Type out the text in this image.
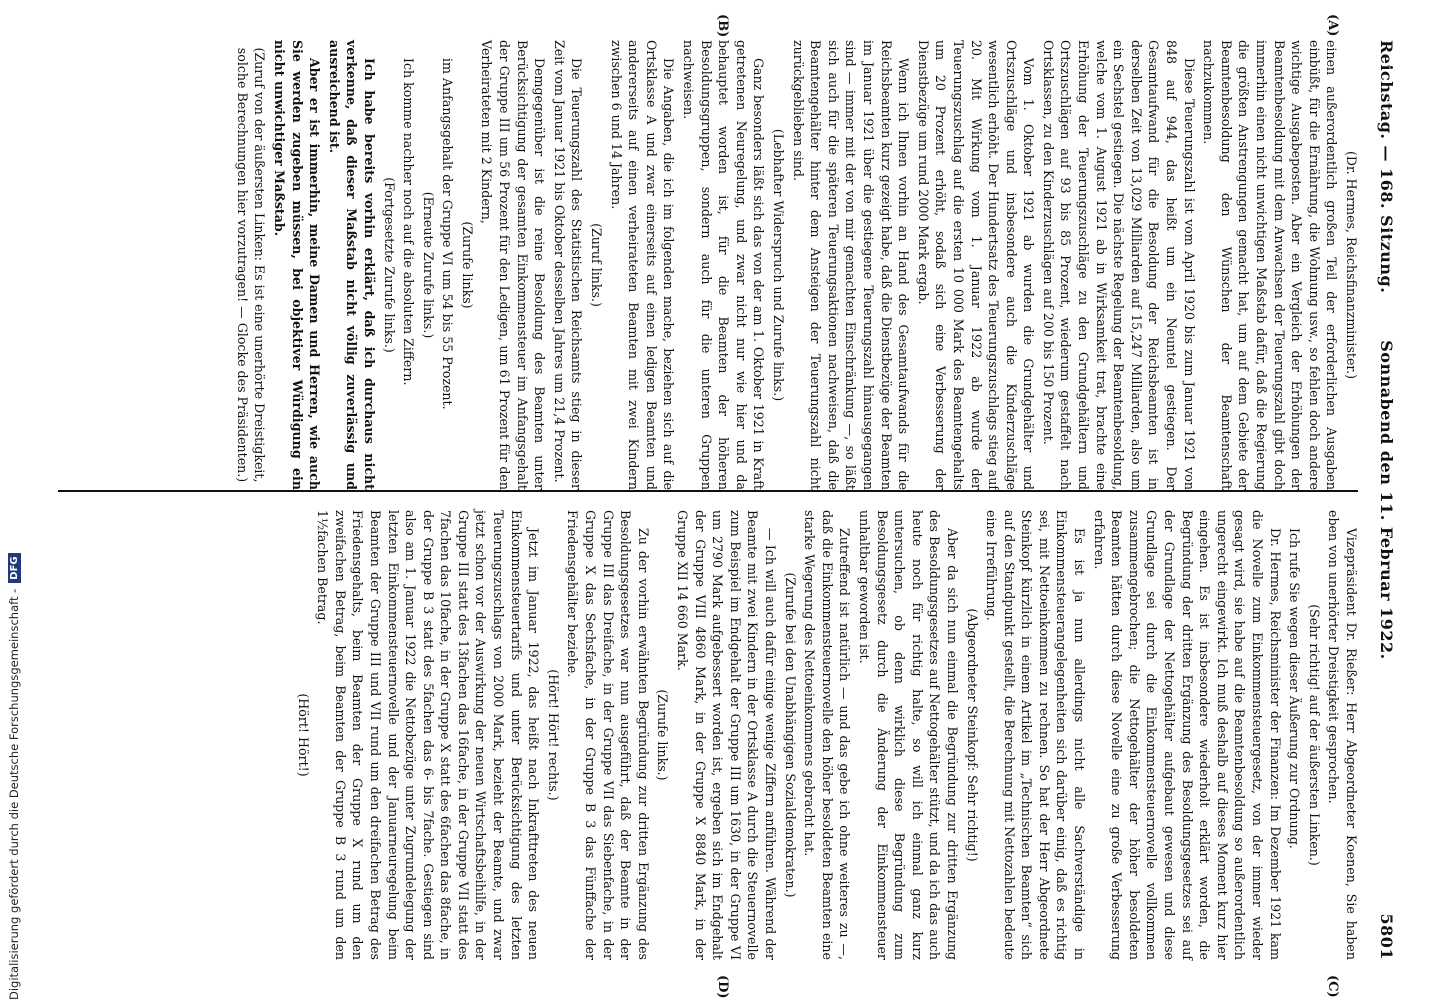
Reichstag. — 168. Sitzung.
Sonnabend den 11. Februar 1922.
5801
(A)
(B)
(C)
(D)

(Dr. Hermes, Reichsfinanzminister.)

einen außerordentlich großen Teil der erforderlichen Ausgaben einbüßt, für die Ernährung, die Wohnung usw., so fehlen doch andere wichtige Ausgabeposten. Aber ein Vergleich der Erhöhungen der Beamtenbesoldung mit dem Anwachsen der Teuerungszahl gibt doch immerhin einen nicht unwichtigen Maßstab dafür, daß die Regierung die größten Anstrengungen gemacht hat, um auf dem Gebiete der Beamtenbesoldung den Wünschen der Beamtenschaft nachzukommen.

Diese Teuerungszahl ist vom April 1920 bis zum Januar 1921 von 848 auf 944, das heißt um ein Neuntel gestiegen. Der Gesamtaufwand für die Besoldung der Reichsbeamten ist in derselben Zeit von 13,029 Milliarden auf 15,247 Milliarden, also um ein Sechstel gestiegen. Die nächste Regelung der Beamtenbesoldung, welche vom 1. August 1921 ab in Wirksamkeit trat, brachte eine Erhöhung der Teuerungszuschläge zu den Grundgehältern und Ortszuschlägen auf 93 bis 85 Prozent, wiederum gestaffelt nach Ortsklassen, zu den Kinderzuschlägen auf 200 bis 150 Prozent.

Vom 1. Oktober 1921 ab wurden die Grundgehälter und Ortszuschläge und insbesondere auch die Kinderzuschläge wesentlich erhöht. Der Hundertsatz des Teuerungszuschlags stieg auf 20. Mit Wirkung vom 1. Januar 1922 ab wurde der Teuerungszuschlag auf die ersten 10 000 Mark des Beamtengehalts um 20 Prozent erhöht, sodaß sich eine Verbesserung der Dienstbezüge um rund 2000 Mark ergab.

Wenn ich Ihnen vorhin an Hand des Gesamtaufwands für die Reichsbeamten kurz gezeigt habe, daß die Dienstbezüge der Beamten im Januar 1921 über die gestiegene Teuerungszahl hinausgegangen sind — immer mit der von mir gemachten Einschränkung —, so läßt sich auch für die späteren Teuerungsaktionen nachweisen, daß die Beamtengehälter hinter dem Ansteigen der Teuerungszahl nicht zurückgeblieben sind.

(Lebhafter Widerspruch und Zurufe links.)

Ganz besonders läßt sich das von der am 1. Oktober 1921 in Kraft getretenen Neuregelung, und zwar nicht nur wie hier und da behauptet worden ist, für die Beamten der höheren Besoldungsgruppen, sondern auch für die unteren Gruppen nachweisen.

Die Angaben, die ich im folgenden mache, beziehen sich auf die Ortsklasse A und zwar einerseits auf einen ledigen Beamten und andererseits auf einen verheirateten Beamten mit zwei Kindern zwischen 6 und 14 Jahren.

(Zuruf links.)

Die Teuerungszahl des Statistischen Reichsamts stieg in dieser Zeit vom Januar 1921 bis Oktober desselben Jahres um 21,4 Prozent.

Demgegenüber ist die reine Besoldung des Beamten unter Berücksichtigung der gesamten Einkommensteuer im Anfangsgehalt der Gruppe III um 56 Prozent für den Ledigen, um 61 Prozent für den Verheirateten mit 2 Kindern,

(Zurufe links)

im Anfangsgehalt der Gruppe VI um 54 bis 55 Prozent.

(Erneute Zurufe links.)

Ich komme nachher noch auf die absoluten Ziffern.

(Fortgesetzte Zurufe links.)

Ich habe bereits vorhin erklärt, daß ich durchaus nicht verkenne, daß dieser Maßstab nicht völlig zuverlässig und ausreichend ist.

Aber er ist immerhin, meine Damen und Herren, wie auch Sie werden zugeben müssen, bei objektiver Würdigung ein nicht unwichtiger Maßstab.

(Zuruf von der äußersten Linken: Es ist eine unerhörte Dreistigkeit, solche Berechnungen hier vorzutragen! — Glocke des Präsidenten.)

Vizepräsident Dr. Rießer: Herr Abgeordneter Koenen, Sie haben eben von unerhörter Dreistigkeit gesprochen.

(Sehr richtig! auf der äußersten Linken.)

Ich rufe Sie wegen dieser Äußerung zur Ordnung.

Dr. Hermes, Reichsminister der Finanzen: Im Dezember 1921 kam die Novelle zum Einkommensteuergesetz, von der immer wieder gesagt wird, sie habe auf die Beamtenbesoldung so außerordentlich ungerecht eingewirkt. Ich muß deshalb auf dieses Moment kurz hier eingehen. Es ist insbesondere wiederholt erklärt worden, die Begründung der dritten Ergänzung des Besoldungsgesetzes sei auf der Grundlage der Nettogehälter aufgebaut gewesen und diese Grundlage sei durch die Einkommensteuernovelle vollkommen zusammengebrochen; die Nettogehälter der höher besoldeten Beamten hätten durch diese Novelle eine zu große Verbesserung erfahren.

Es ist ja nun allerdings nicht alle Sachverständige in Einkommensteuerangelegenheiten sich darüber einig, daß es richtig sei, mit Nettoeinkommen zu rechnen. So hat der Herr Abgeordnete Steinkopf kürzlich in einem Artikel im „Technischen Beamten“ sich auf den Standpunkt gestellt, die Berechnung mit Nettozahlen bedeute eine Irreführung.

(Abgeordneter Steinkopf: Sehr richtig!)

Aber da sich nun einmal die Begründung zur dritten Ergänzung des Besoldungsgesetzes auf Nettogehälter stützt, und da ich das auch heute noch für richtig halte, so will ich einmal ganz kurz untersuchen, ob denn wirklich diese Begründung zum Besoldungsgesetz durch die Änderung der Einkommensteuer unhaltbar geworden ist.

Zutreffend ist natürlich — und das gebe ich ohne weiteres zu —, daß die Einkommensteuernovelle den höher besoldeten Beamten eine starke Wegerung des Nettoeinkommens gebracht hat.

(Zurufe bei den Unabhängigen Sozialdemokraten.)

— Ich will auch dafür einige wenige Ziffern anführen. Während der Beamte mit zwei Kindern in der Ortsklasse A durch die Steuernovelle zum Beispiel im Endgehalt der Gruppe III um 1630, in der Gruppe VI um 2790 Mark aufgebessert worden ist, ergeben sich im Endgehalt der Gruppe VIII 4860 Mark, in der Gruppe X 8840 Mark, in der Gruppe XII 14 660 Mark.

(Zurufe links.)

Zu der vorhin erwähnten Begründung zur dritten Ergänzung des Besoldungsgesetzes war nun ausgeführt, daß der Beamte in der Gruppe III das Dreifache, in der Gruppe VII das Siebenfache, in der Gruppe X das Sechsfache, in der Gruppe B 3 das Fünffache der Friedensgehälter beziehe.

(Hört! Hört! rechts.)

Jetzt im Januar 1922, das heißt nach Inkrafttreten des neuen Einkommensteuertarifs und unter Berücksichtigung des letzten Teuerungszuschlags von 2000 Mark, bezieht der Beamte, und zwar jetzt schon vor der Auswirkung der neuen Wirtschaftsbeihilfe, in der Gruppe III statt des 13fachen das 16fache, in der Gruppe VII statt des 7fachen das 10fache, in der Gruppe X statt des 6fachen das 8fache, in der Gruppe B 3 statt des 5fachen das 6- bis 7fache. Gestiegen sind also am 1. Januar 1922 die Nettobezüge unter Zugrundelegung der letzten Einkommensteuernovelle und der Januarneuregelung beim Beamten der Gruppe III und VII rund um den dreifachen Betrag des Friedensgehalts, beim Beamten der Gruppe X rund um den zweifachen Betrag, beim Beamten der Gruppe B 3 rund um den 1½fachen Betrag.

(Hört! Hört!)

Digitalisierung gefördert durch die Deutsche Forschungsgemeinschaft -
DFG
